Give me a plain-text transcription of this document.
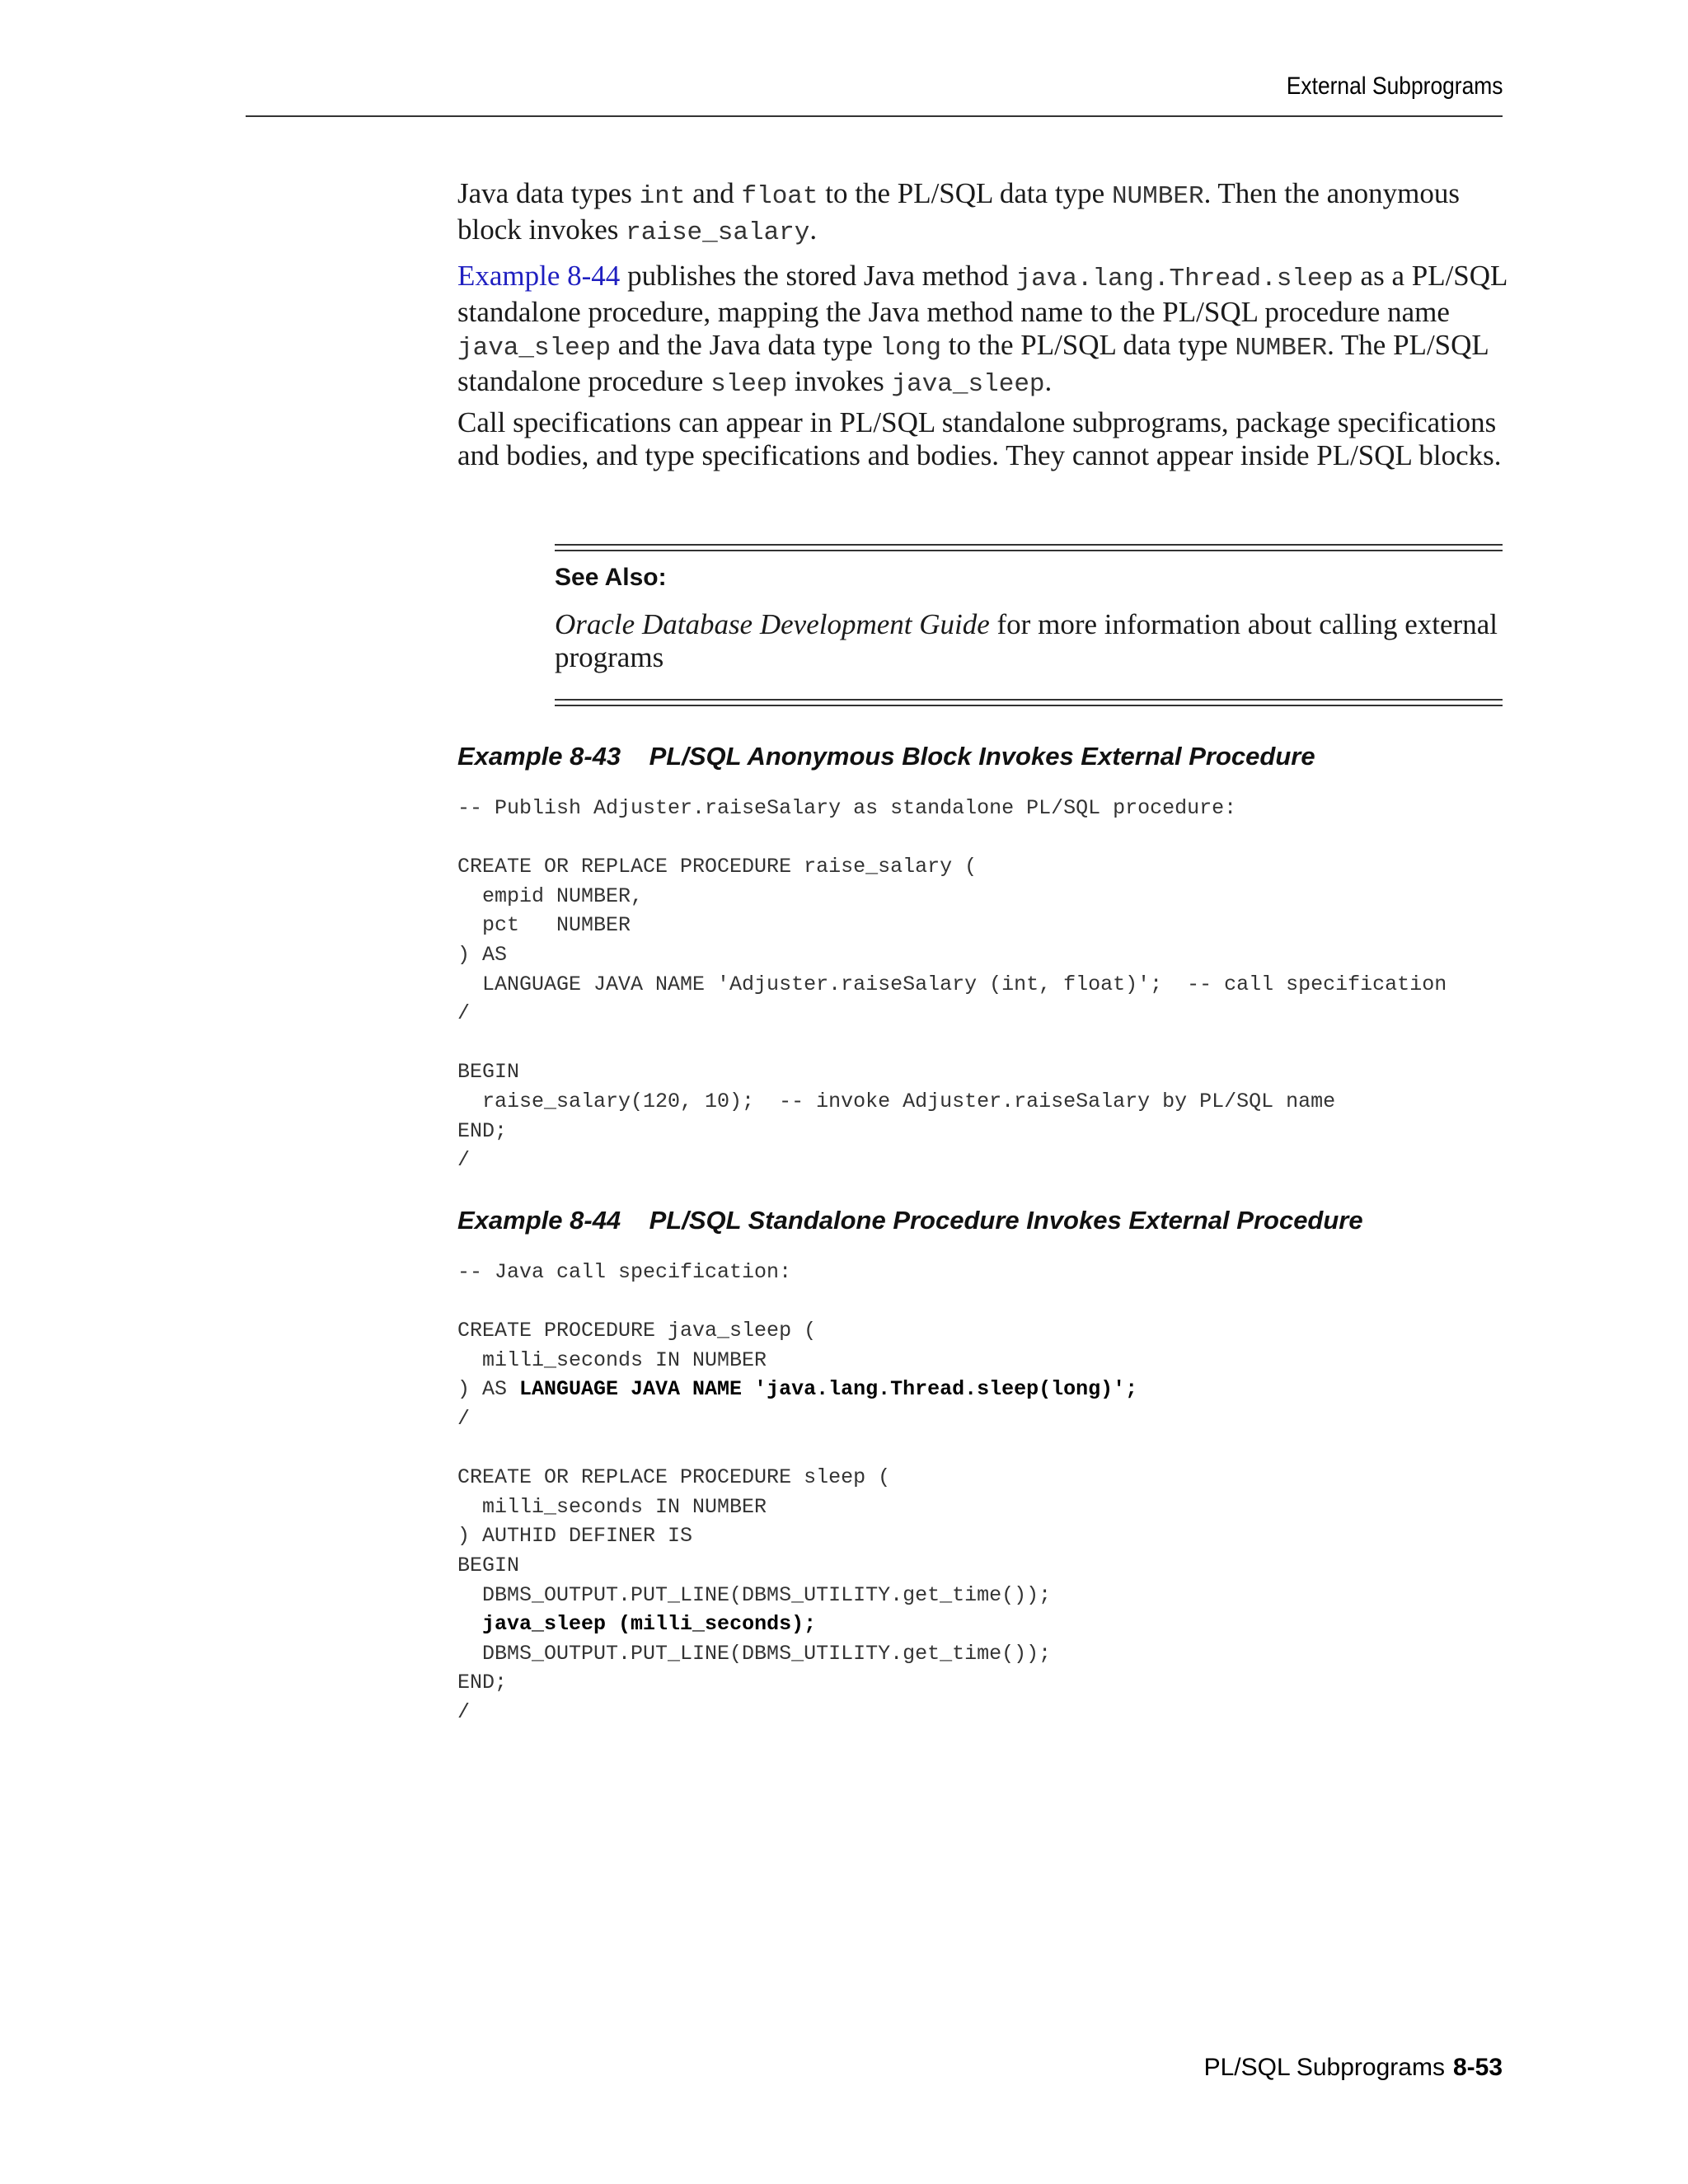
External Subprograms

Java data types int and float to the PL/SQL data type NUMBER. Then the anonymous block invokes raise_salary.

Example 8-44 publishes the stored Java method java.lang.Thread.sleep as a PL/SQL standalone procedure, mapping the Java method name to the PL/SQL procedure name java_sleep and the Java data type long to the PL/SQL data type NUMBER. The PL/SQL standalone procedure sleep invokes java_sleep.

Call specifications can appear in PL/SQL standalone subprograms, package specifications and bodies, and type specifications and bodies. They cannot appear inside PL/SQL blocks.

See Also:
Oracle Database Development Guide for more information about calling external programs
Example 8-43 PL/SQL Anonymous Block Invokes External Procedure
-- Publish Adjuster.raiseSalary as standalone PL/SQL procedure:

CREATE OR REPLACE PROCEDURE raise_salary (
empid NUMBER,
pct   NUMBER
) AS
LANGUAGE JAVA NAME 'Adjuster.raiseSalary (int, float)';  -- call specification
/

BEGIN
raise_salary(120, 10);  -- invoke Adjuster.raiseSalary by PL/SQL name
END;
/
Example 8-44 PL/SQL Standalone Procedure Invokes External Procedure
-- Java call specification:

CREATE PROCEDURE java_sleep (
milli_seconds IN NUMBER
) AS LANGUAGE JAVA NAME 'java.lang.Thread.sleep(long)';
/

CREATE OR REPLACE PROCEDURE sleep (
milli_seconds IN NUMBER
) AUTHID DEFINER IS
BEGIN
DBMS_OUTPUT.PUT_LINE(DBMS_UTILITY.get_time());
java_sleep (milli_seconds);
DBMS_OUTPUT.PUT_LINE(DBMS_UTILITY.get_time());
END;
/
PL/SQL Subprograms 8-53
